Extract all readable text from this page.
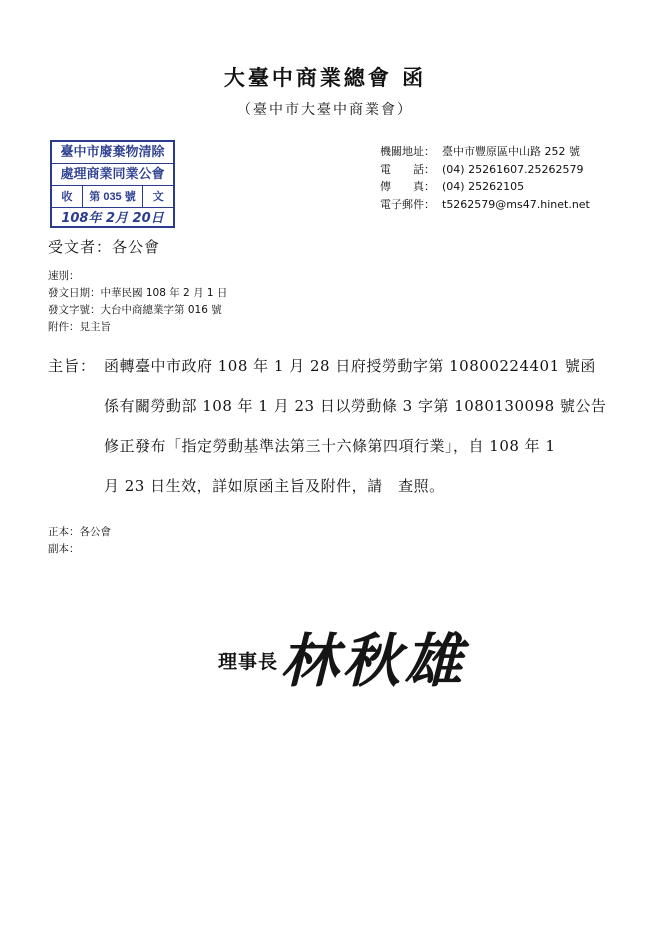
大臺中商業總會 函
（臺中市大臺中商業會）
臺中市廢棄物清除
處理商業同業公會
收	第 035 號	文
108年 2月 20日
機關地址： 臺中市豐原區中山路 252 號
電　　話： (04) 25261607.25262579
傳　　真： (04) 25262105
電子郵件： t5262579@ms47.hinet.net
受文者：各公會
速別：
發文日期：中華民國 108 年 2 月 1 日
發文字號：大台中商總業字第 016 號
附件：見主旨
主旨： 函轉臺中市政府 108 年 1 月 28 日府授勞動字第 10800224401 號函
係有關勞動部 108 年 1 月 23 日以勞動條 3 字第 1080130098 號公告
修正發布「指定勞動基準法第三十六條第四項行業」，自 108 年 1
月 23 日生效，詳如原函主旨及附件，請　查照。
正本：各公會
副本：
理事長 林秋雄
